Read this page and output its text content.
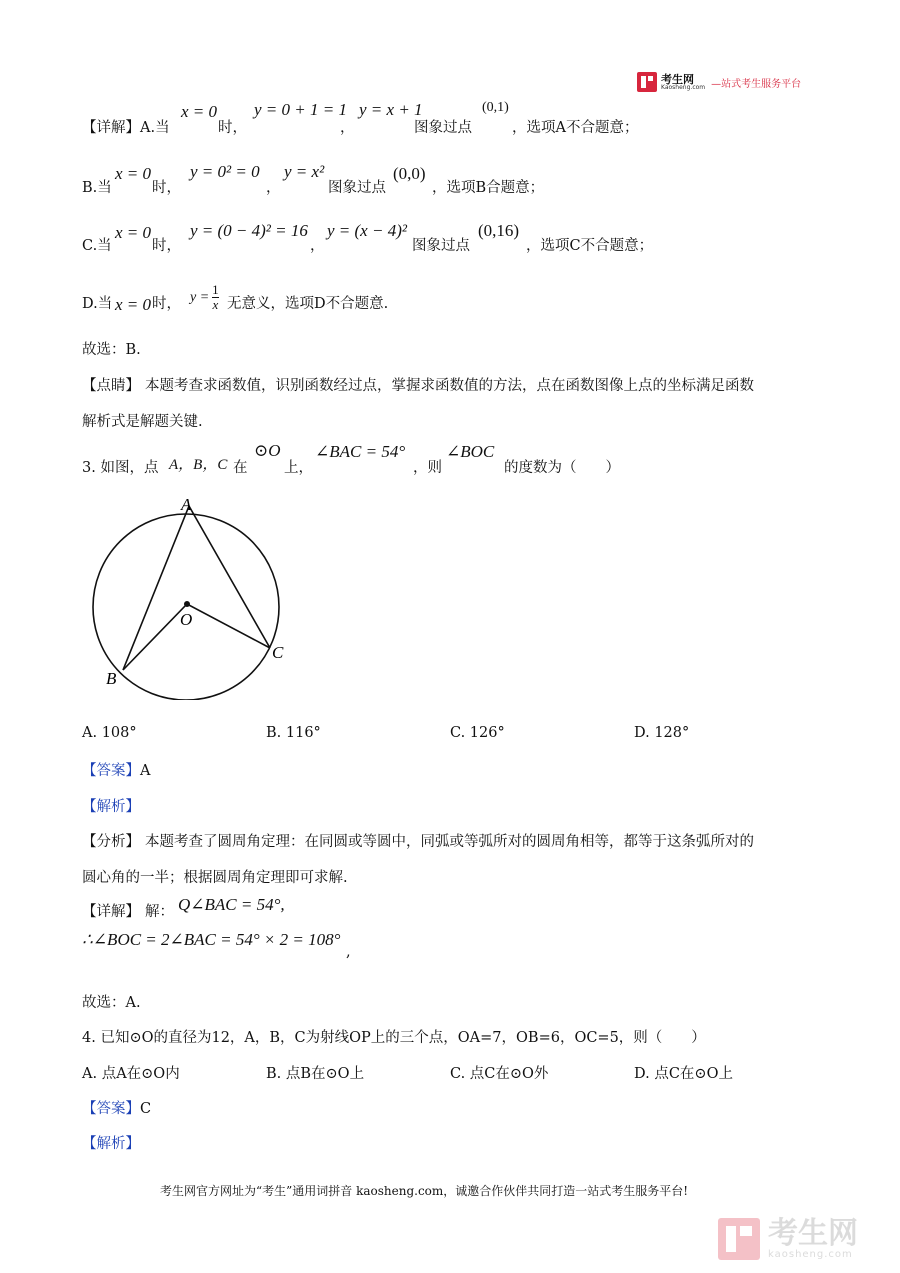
考生网
Kaosheng.com —站式考生服务平台
【详解】A.当
x = 0
时，
y = 0 + 1 = 1
，
y = x + 1
图象过点
(0,1)
，选项A不合题意；
B.当
x = 0
时，
y = 0² = 0
，
y = x²
图象过点
(0,0)
，选项B合题意；
C.当
x = 0
时，
y = (0 − 4)² = 16
，
y = (x − 4)²
图象过点
(0,16)
，选项C不合题意；
D.当 x = 0 时， $y = \frac{1}{x}$ 无意义，选项D不合题意.
故选：B.
【点睛】 本题考查求函数值，识别函数经过点，掌握求函数值的方法，点在函数图像上点的坐标满足函数
解析式是解题关键.
3. 如图，点 A，B，C 在
⊙O
上，
∠BAC = 54°
，则
∠BOC
的度数为（　　）
A
B
C
O
A. 108°	B. 116°	C. 126°	D. 128°
【答案】A
【解析】
【分析】 本题考查了圆周角定理：在同圆或等圆中，同弧或等弧所对的圆周角相等，都等于这条弧所对的
圆心角的一半；根据圆周角定理即可求解.
【详解】 解： Q∠BAC = 54°,
∴∠BOC = 2∠BAC = 54° × 2 = 108°
,
故选：A.
4. 已知⊙O的直径为12，A，B，C为射线OP上的三个点，OA=7，OB=6，OC=5，则（　　）
A. 点A在⊙O内	B. 点B在⊙O上	C. 点C在⊙O外	D. 点C在⊙O上
【答案】C
【解析】
考生网官方网址为“考生”通用词拼音 kaosheng.com，诚邀合作伙伴共同打造一站式考生服务平台!
考生网
kaosheng.com
